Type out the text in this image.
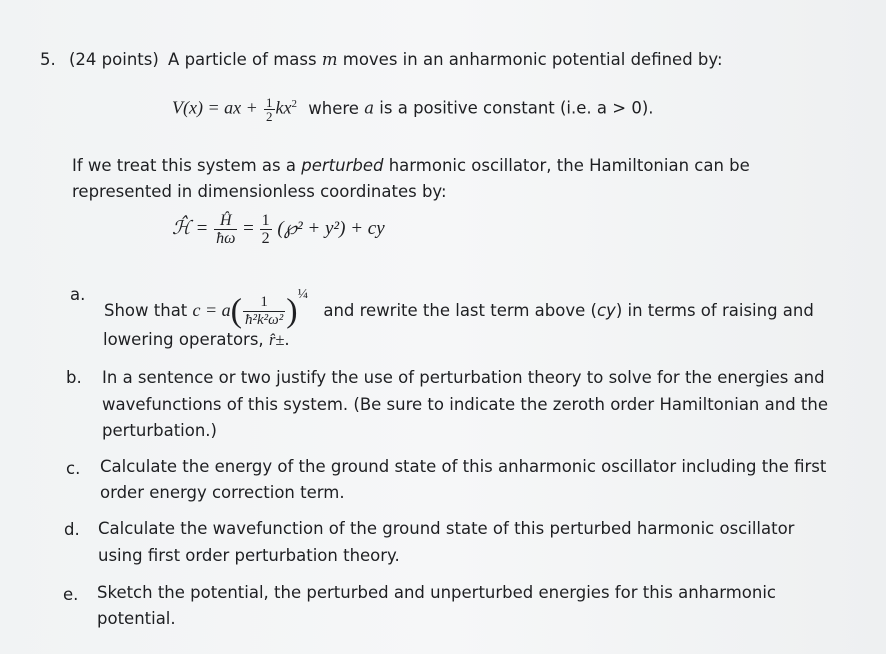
5. (24 points) A particle of mass m moves in an anharmonic potential defined by:
V(x) = ax + $\frac{1}{2} kx^2$ where a is a positive constant (i.e. a > 0).
If we treat this system as a perturbed harmonic oscillator, the Hamiltonian can be
represented in dimensionless coordinates by:
ℋ̂ = $\frac{Ĥ}{ħ\omega} = \frac{1}{2}$ (℘² + y²) + cy
a.
Show that $c = a( \frac{1}{\text{ħ²k²ω²}} )^{\frac{1}{4}}$ and rewrite the last term above (cy) in terms of raising and
lowering operators, r̂±.
b. In a sentence or two justify the use of perturbation theory to solve for the energies and
wavefunctions of this system. (Be sure to indicate the zeroth order Hamiltonian and the
perturbation.)
c. Calculate the energy of the ground state of this anharmonic oscillator including the first
order energy correction term.
d. Calculate the wavefunction of the ground state of this perturbed harmonic oscillator
using first order perturbation theory.
e. Sketch the potential, the perturbed and unperturbed energies for this anharmonic
potential.
